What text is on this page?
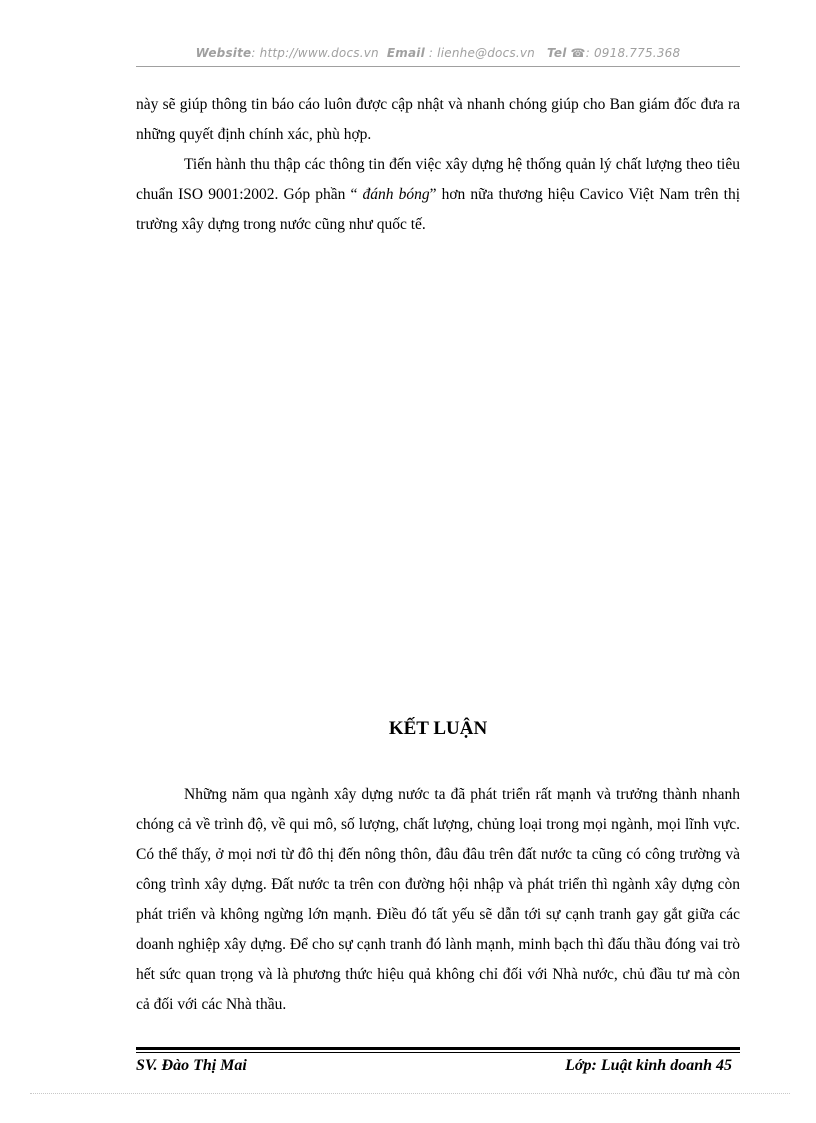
Website: http://www.docs.vn Email : lienhe@docs.vn Tel ☎: 0918.775.368

này sẽ giúp thông tin báo cáo luôn được cập nhật và nhanh chóng giúp cho Ban giám đốc đưa ra những quyết định chính xác, phù hợp.

Tiến hành thu thập các thông tin đến việc xây dựng hệ thống quản lý chất lượng theo tiêu chuẩn ISO 9001:2002. Góp phần “ đánh bóng” hơn nữa thương hiệu Cavico Việt Nam trên thị trường xây dựng trong nước cũng như quốc tế.

KẾT LUẬN

Những năm qua ngành xây dựng nước ta đã phát triển rất mạnh và trưởng thành nhanh chóng cả về trình độ, về qui mô, số lượng, chất lượng, chủng loại trong mọi ngành, mọi lĩnh vực. Có thể thấy, ở mọi nơi từ đô thị đến nông thôn, đâu đâu trên đất nước ta cũng có công trường và công trình xây dựng. Đất nước ta trên con đường hội nhập và phát triển thì ngành xây dựng còn phát triển và không ngừng lớn mạnh. Điều đó tất yếu sẽ dẫn tới sự cạnh tranh gay gắt giữa các doanh nghiệp xây dựng. Để cho sự cạnh tranh đó lành mạnh, minh bạch thì đấu thầu đóng vai trò hết sức quan trọng và là phương thức hiệu quả không chỉ đối với Nhà nước, chủ đầu tư mà còn cả đối với các Nhà thầu.

SV. Đào Thị Mai	Lớp: Luật kinh doanh 45
